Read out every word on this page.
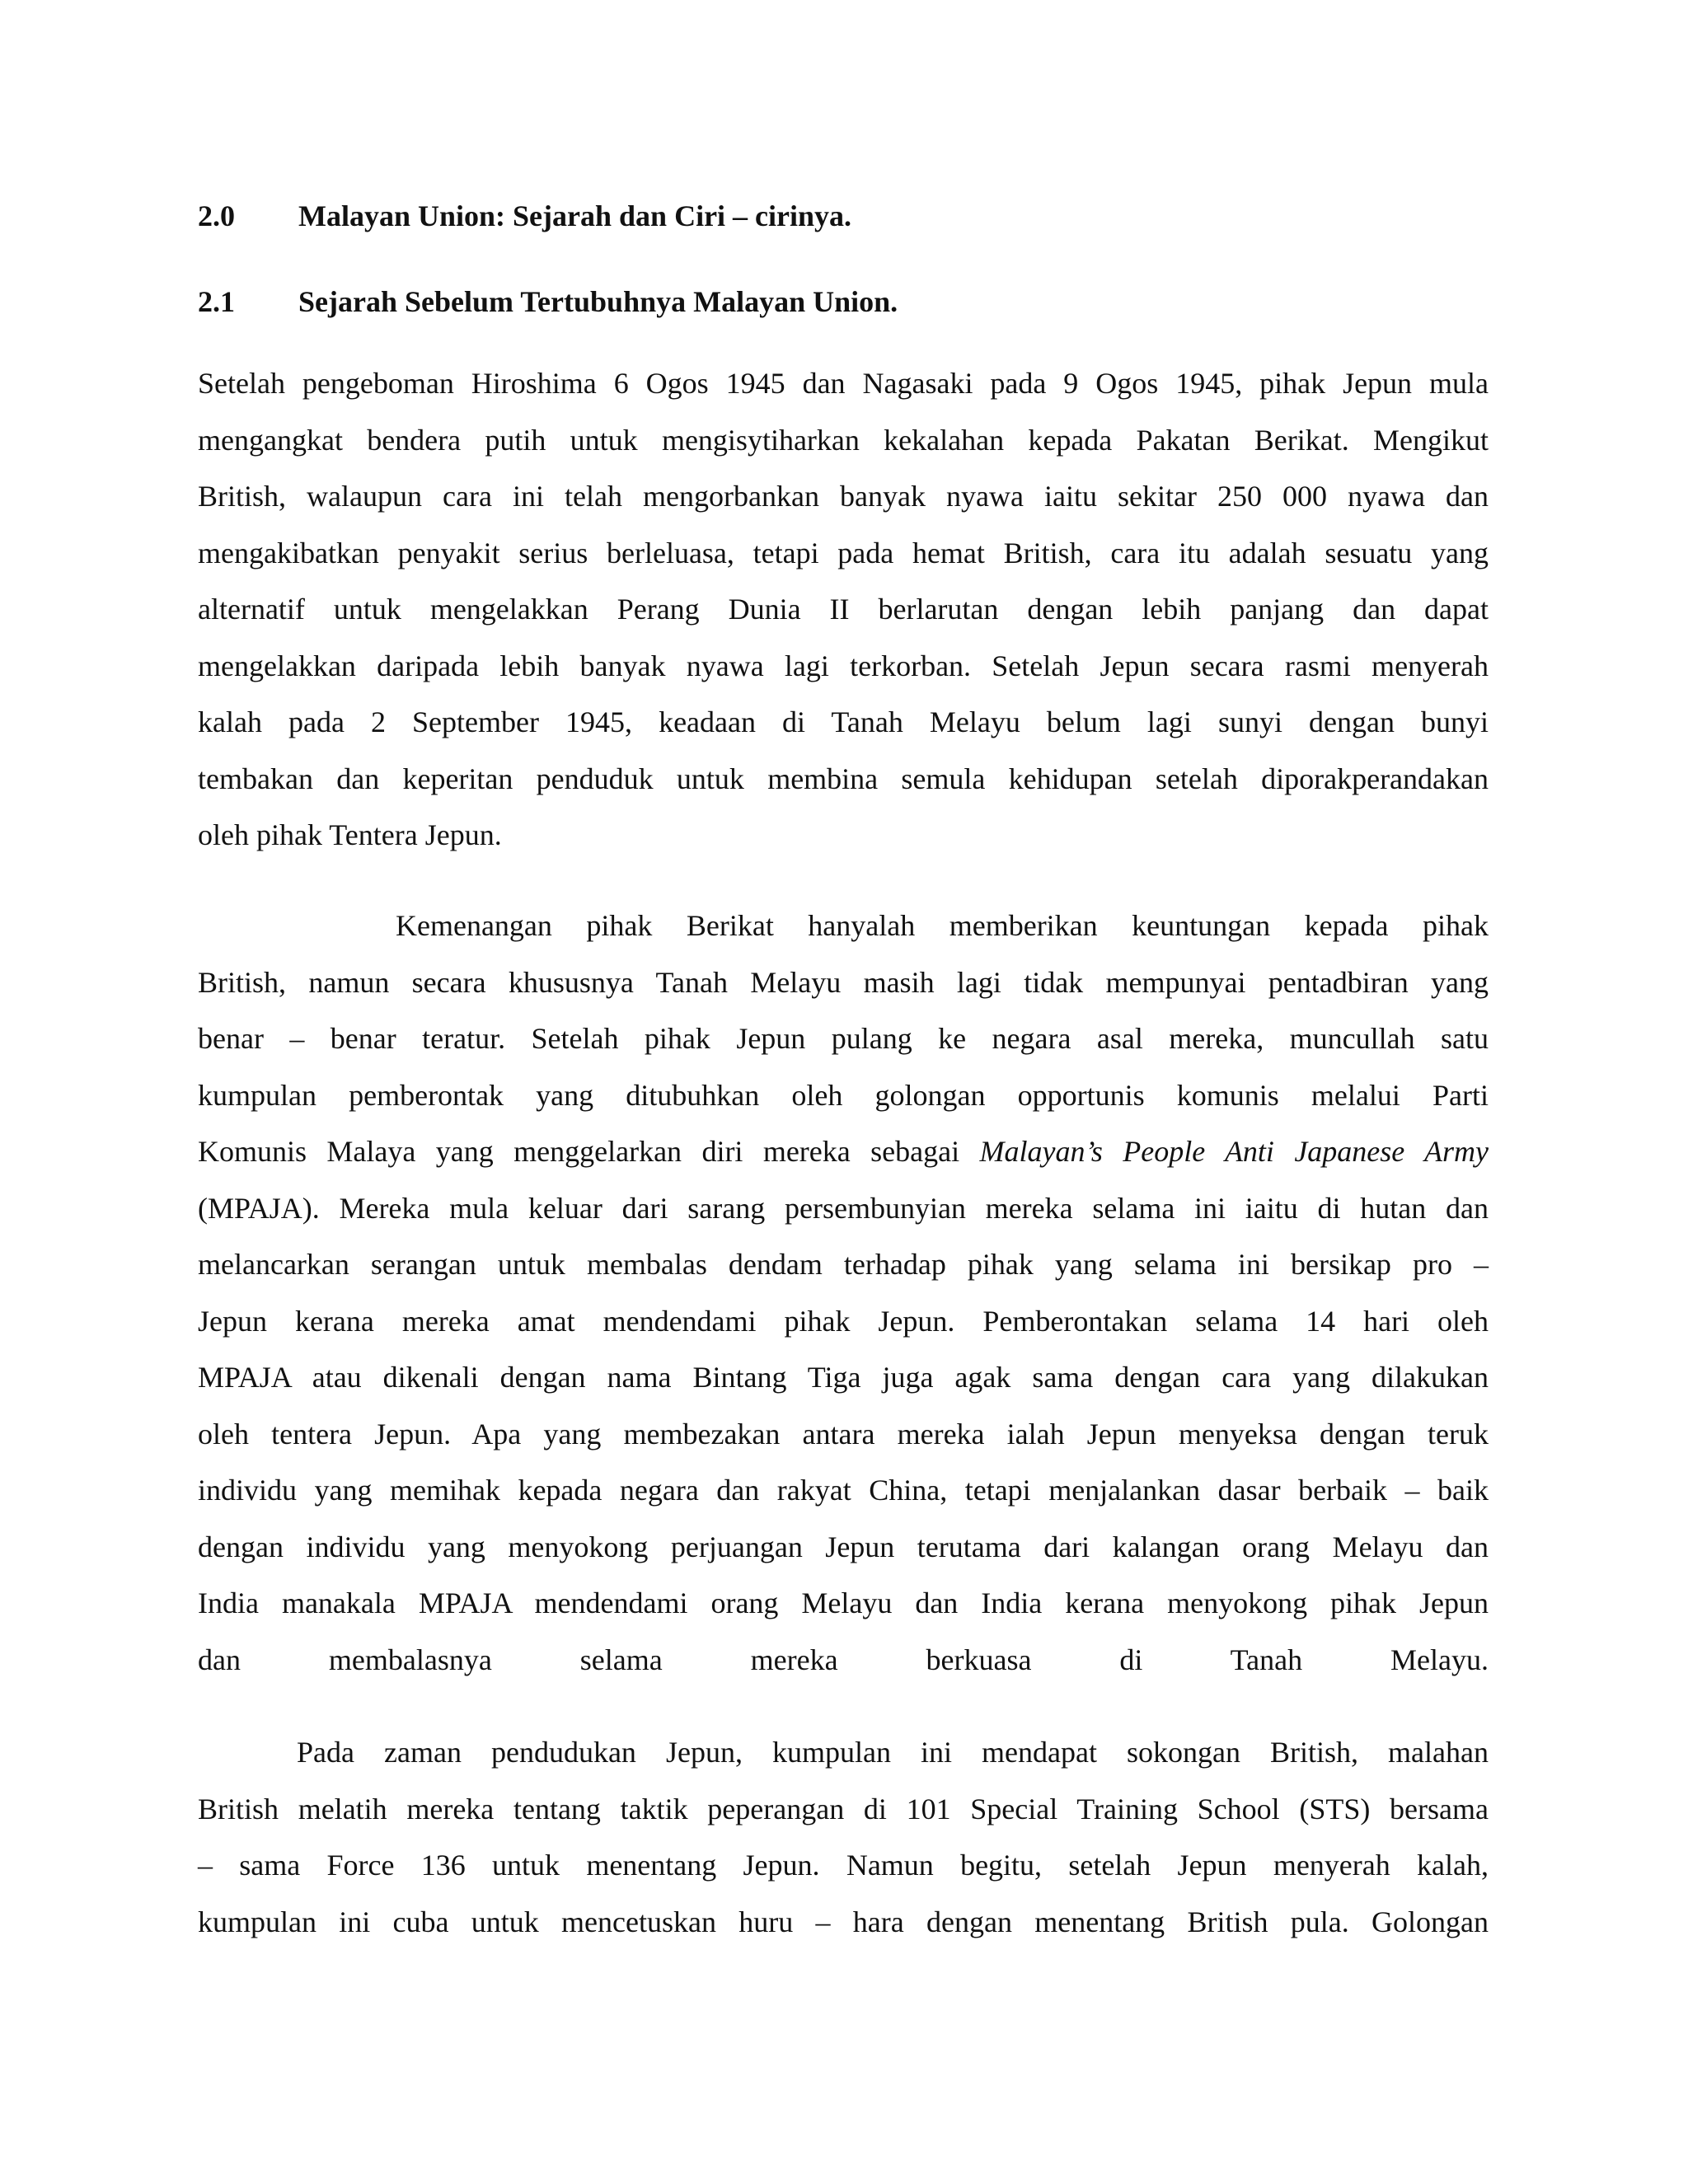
2.0 Malayan Union: Sejarah dan Ciri – cirinya.
2.1 Sejarah Sebelum Tertubuhnya Malayan Union.
Setelah pengeboman Hiroshima 6 Ogos 1945 dan Nagasaki pada 9 Ogos 1945, pihak Jepun mula
mengangkat bendera putih untuk mengisytiharkan kekalahan kepada Pakatan Berikat. Mengikut
British, walaupun cara ini telah mengorbankan banyak nyawa iaitu sekitar 250 000 nyawa dan
mengakibatkan penyakit serius berleluasa, tetapi pada hemat British, cara itu adalah sesuatu yang
alternatif untuk mengelakkan Perang Dunia II berlarutan dengan lebih panjang dan dapat
mengelakkan daripada lebih banyak nyawa lagi terkorban. Setelah Jepun secara rasmi menyerah
kalah pada 2 September 1945, keadaan di Tanah Melayu belum lagi sunyi dengan bunyi
tembakan dan keperitan penduduk untuk membina semula kehidupan setelah diporakperandakan
oleh pihak Tentera Jepun.
Kemenangan pihak Berikat hanyalah memberikan keuntungan kepada pihak
British, namun secara khususnya Tanah Melayu masih lagi tidak mempunyai pentadbiran yang
benar – benar teratur. Setelah pihak Jepun pulang ke negara asal mereka, muncullah satu
kumpulan pemberontak yang ditubuhkan oleh golongan opportunis komunis melalui Parti
Komunis Malaya yang menggelarkan diri mereka sebagai Malayan’s People Anti Japanese Army
(MPAJA). Mereka mula keluar dari sarang persembunyian mereka selama ini iaitu di hutan dan
melancarkan serangan untuk membalas dendam terhadap pihak yang selama ini bersikap pro –
Jepun kerana mereka amat mendendami pihak Jepun. Pemberontakan selama 14 hari oleh
MPAJA atau dikenali dengan nama Bintang Tiga juga agak sama dengan cara yang dilakukan
oleh tentera Jepun. Apa yang membezakan antara mereka ialah Jepun menyeksa dengan teruk
individu yang memihak kepada negara dan rakyat China, tetapi menjalankan dasar berbaik – baik
dengan individu yang menyokong perjuangan Jepun terutama dari kalangan orang Melayu dan
India manakala MPAJA mendendami orang Melayu dan India kerana menyokong pihak Jepun
dan membalasnya selama mereka berkuasa di Tanah Melayu.
Pada zaman pendudukan Jepun, kumpulan ini mendapat sokongan British, malahan
British melatih mereka tentang taktik peperangan di 101 Special Training School (STS) bersama
– sama Force 136 untuk menentang Jepun. Namun begitu, setelah Jepun menyerah kalah,
kumpulan ini cuba untuk mencetuskan huru – hara dengan menentang British pula. Golongan
